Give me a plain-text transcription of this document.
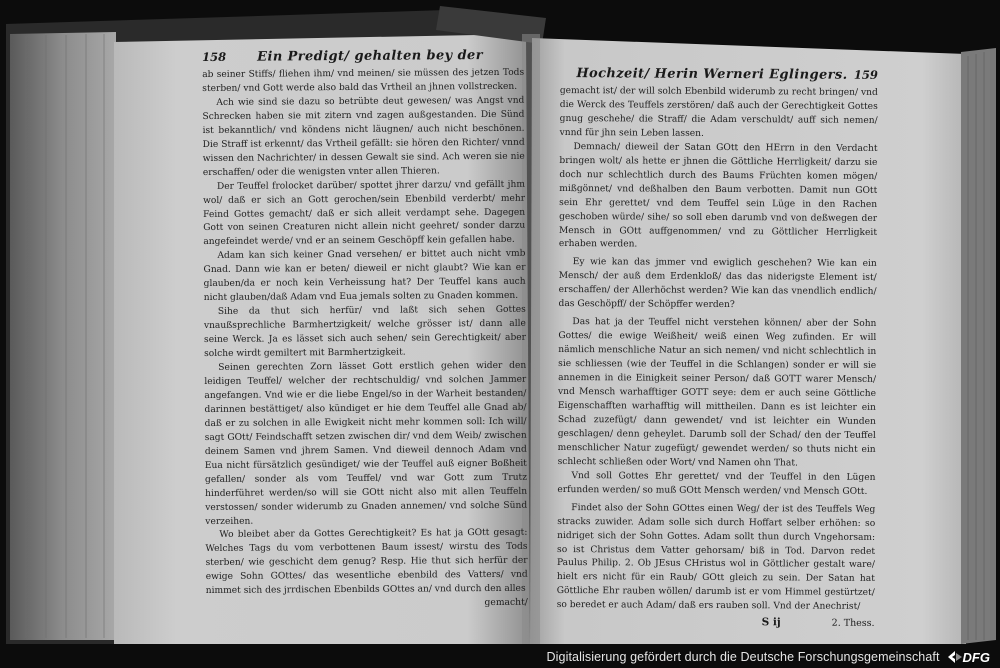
158 Ein Predigt/ gehalten bey der

ab seiner Stiffs/ fliehen ihm/ vnd meinen/ sie müssen des jetzen Tods sterben/ vnd Gott werde also bald das Vrtheil an jhnen vollstrecken.

Ach wie sind sie dazu so betrübte deut gewesen/ was Angst vnd Schrecken haben sie mit zitern vnd zagen außgestanden. Die Sünd ist bekanntlich/ vnd köndens nicht läugnen/ auch nicht beschönen. Die Straff ist erkennt/ das Vrtheil gefällt: sie hören den Richter/ vnnd wissen den Nachrichter/ in dessen Gewalt sie sind. Ach weren sie nie erschaffen/ oder die wenigsten vnter allen Thieren.

Der Teuffel frolocket darüber/ spottet jhrer darzu/ vnd gefällt jhm wol/ daß er sich an Gott gerochen/sein Ebenbild verderbt/ mehr Feind Gottes gemacht/ daß er sich alleit verdampt sehe. Dagegen Gott von seinen Creaturen nicht allein nicht geehret/ sonder darzu angefeindet werde/ vnd er an seinem Geschöpff kein gefallen habe.

Adam kan sich keiner Gnad versehen/ er bittet auch nicht vmb Gnad. Dann wie kan er beten/ dieweil er nicht glaubt? Wie kan er glauben/da er noch kein Verheissung hat? Der Teuffel kans auch nicht glauben/daß Adam vnd Eua jemals solten zu Gnaden kommen.

Sihe da thut sich herfür/ vnd laßt sich sehen Gottes vnaußsprechliche Barmhertzigkeit/ welche grösser ist/ dann alle seine Werck. Ja es lässet sich auch sehen/ sein Gerechtigkeit/ aber solche wirdt gemiltert mit Barmhertzigkeit.

Seinen gerechten Zorn lässet Gott erstlich gehen wider den leidigen Teuffel/ welcher der rechtschuldig/ vnd solchen Jammer angefangen. Vnd wie er die liebe Engel/so in der Warheit bestanden/ darinnen bestättiget/ also kündiget er hie dem Teuffel alle Gnad ab/ daß er zu solchen in alle Ewigkeit nicht mehr kommen soll: Ich will/ sagt GOtt/ Feindschafft setzen zwischen dir/ vnd dem Weib/ zwischen deinem Samen vnd jhrem Samen. Vnd dieweil dennoch Adam vnd Eua nicht fürsätzlich gesündiget/ wie der Teuffel auß eigner Boßheit gefallen/ sonder als vom Teuffel/ vnd war Gott zum Trutz hinderführet werden/so will sie GOtt nicht also mit allen Teuffeln verstossen/ sonder widerumb zu Gnaden annemen/ vnd solche Sünd verzeihen.

Wo bleibet aber da Gottes Gerechtigkeit? Es hat ja GOtt gesagt: Welches Tags du vom verbottenen Baum issest/ wirstu des Tods sterben/ wie geschicht dem genug? Resp. Hie thut sich herfür der ewige Sohn GOttes/ das wesentliche ebenbild des Vatters/ vnd nimmet sich des jrrdischen Ebenbilds GOttes an/ vnd durch den alles

gemacht/
Hochzeit/ Herin Werneri Eglingers. 159

gemacht ist/ der will solch Ebenbild widerumb zu recht bringen/ vnd die Werck des Teuffels zerstören/ daß auch der Gerechtigkeit Gottes gnug geschehe/ die Straff/ die Adam verschuldt/ auff sich nemen/ vnnd für jhn sein Leben lassen.

Demnach/ dieweil der Satan GOtt den HErrn in den Verdacht bringen wolt/ als hette er jhnen die Göttliche Herrligkeit/ darzu sie doch nur schlechtlich durch des Baums Früchten komen mögen/ mißgönnet/ vnd deßhalben den Baum verbotten. Damit nun GOtt sein Ehr gerettet/ vnd dem Teuffel sein Lüge in den Rachen geschoben würde/ sihe/ so soll eben darumb vnd von deßwegen der Mensch in GOtt auffgenommen/ vnd zu Göttlicher Herrligkeit erhaben werden.

Ey wie kan das jmmer vnd ewiglich geschehen? Wie kan ein Mensch/ der auß dem Erdenkloß/ das das niderigste Element ist/ erschaffen/ der Allerhöchst werden? Wie kan das vnendlich endlich/ das Geschöpff/ der Schöpffer werden?

Das hat ja der Teuffel nicht verstehen können/ aber der Sohn Gottes/ die ewige Weißheit/ weiß einen Weg zufinden. Er will nämlich menschliche Natur an sich nemen/ vnd nicht schlechtlich in sie schliessen (wie der Teuffel in die Schlangen) sonder er will sie annemen in die Einigkeit seiner Person/ daß GOTT warer Mensch/ vnd Mensch warhafftiger GOTT seye: dem er auch seine Göttliche Eigenschafften warhafftig will mittheilen. Dann es ist leichter ein Schad zuzefügt/ dann gewendet/ vnd ist leichter ein Wunden geschlagen/ denn geheylet. Darumb soll der Schad/ den der Teuffel menschlicher Natur zugefügt/ gewendet werden/ so thuts nicht ein schlecht schließen oder Wort/ vnd Namen ohn That.

Vnd soll Gottes Ehr gerettet/ vnd der Teuffel in den Lügen erfunden werden/ so muß GOtt Mensch werden/ vnd Mensch GOtt.

Findet also der Sohn GOttes einen Weg/ der ist des Teuffels Weg stracks zuwider. Adam solle sich durch Hoffart selber erhöhen: so nidriget sich der Sohn Gottes. Adam sollt thun durch Vngehorsam: so ist Christus dem Vatter gehorsam/ biß in Tod. Darvon redet Paulus Philip. 2. Ob JEsus CHristus wol in Göttlicher gestalt ware/ hielt ers nicht für ein Raub/ GOtt gleich zu sein. Der Satan hat Göttliche Ehr rauben wöllen/ darumb ist er vom Himmel gestürtzet/ so beredet er auch Adam/ daß ers rauben soll. Vnd der Anechrist/

S ij	2. Thess.
Digitalisierung gefördert durch die Deutsche Forschungsgemeinschaft DFG
